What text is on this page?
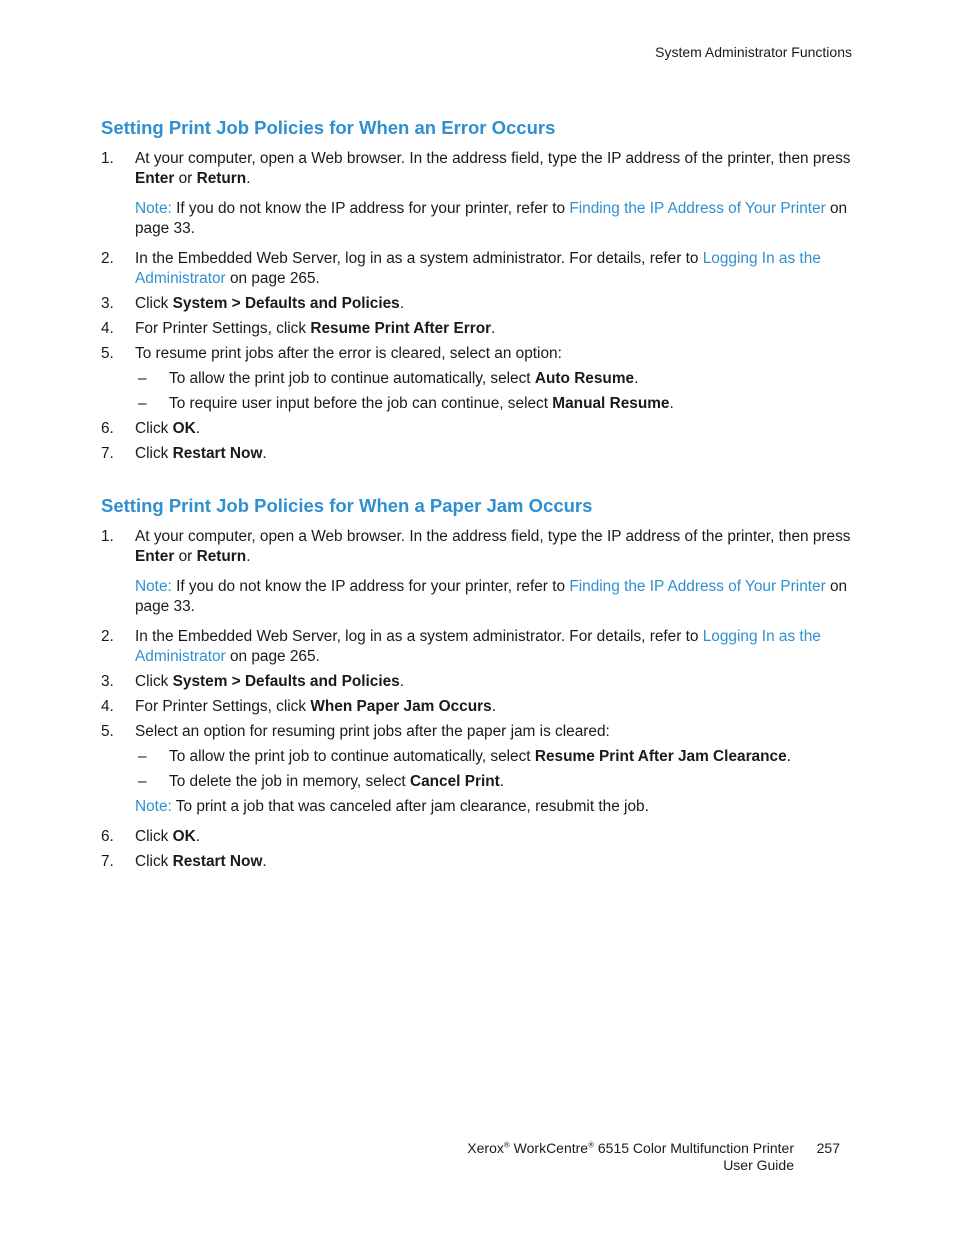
System Administrator Functions
Setting Print Job Policies for When an Error Occurs
1. At your computer, open a Web browser. In the address field, type the IP address of the printer, then press Enter or Return.
Note: If you do not know the IP address for your printer, refer to Finding the IP Address of Your Printer on page 33.
2. In the Embedded Web Server, log in as a system administrator. For details, refer to Logging In as the Administrator on page 265.
3. Click System > Defaults and Policies.
4. For Printer Settings, click Resume Print After Error.
5. To resume print jobs after the error is cleared, select an option:
– To allow the print job to continue automatically, select Auto Resume.
– To require user input before the job can continue, select Manual Resume.
6. Click OK.
7. Click Restart Now.
Setting Print Job Policies for When a Paper Jam Occurs
1. At your computer, open a Web browser. In the address field, type the IP address of the printer, then press Enter or Return.
Note: If you do not know the IP address for your printer, refer to Finding the IP Address of Your Printer on page 33.
2. In the Embedded Web Server, log in as a system administrator. For details, refer to Logging In as the Administrator on page 265.
3. Click System > Defaults and Policies.
4. For Printer Settings, click When Paper Jam Occurs.
5. Select an option for resuming print jobs after the paper jam is cleared:
– To allow the print job to continue automatically, select Resume Print After Jam Clearance.
– To delete the job in memory, select Cancel Print.
Note: To print a job that was canceled after jam clearance, resubmit the job.
6. Click OK.
7. Click Restart Now.
Xerox® WorkCentre® 6515 Color Multifunction Printer
User Guide
257
